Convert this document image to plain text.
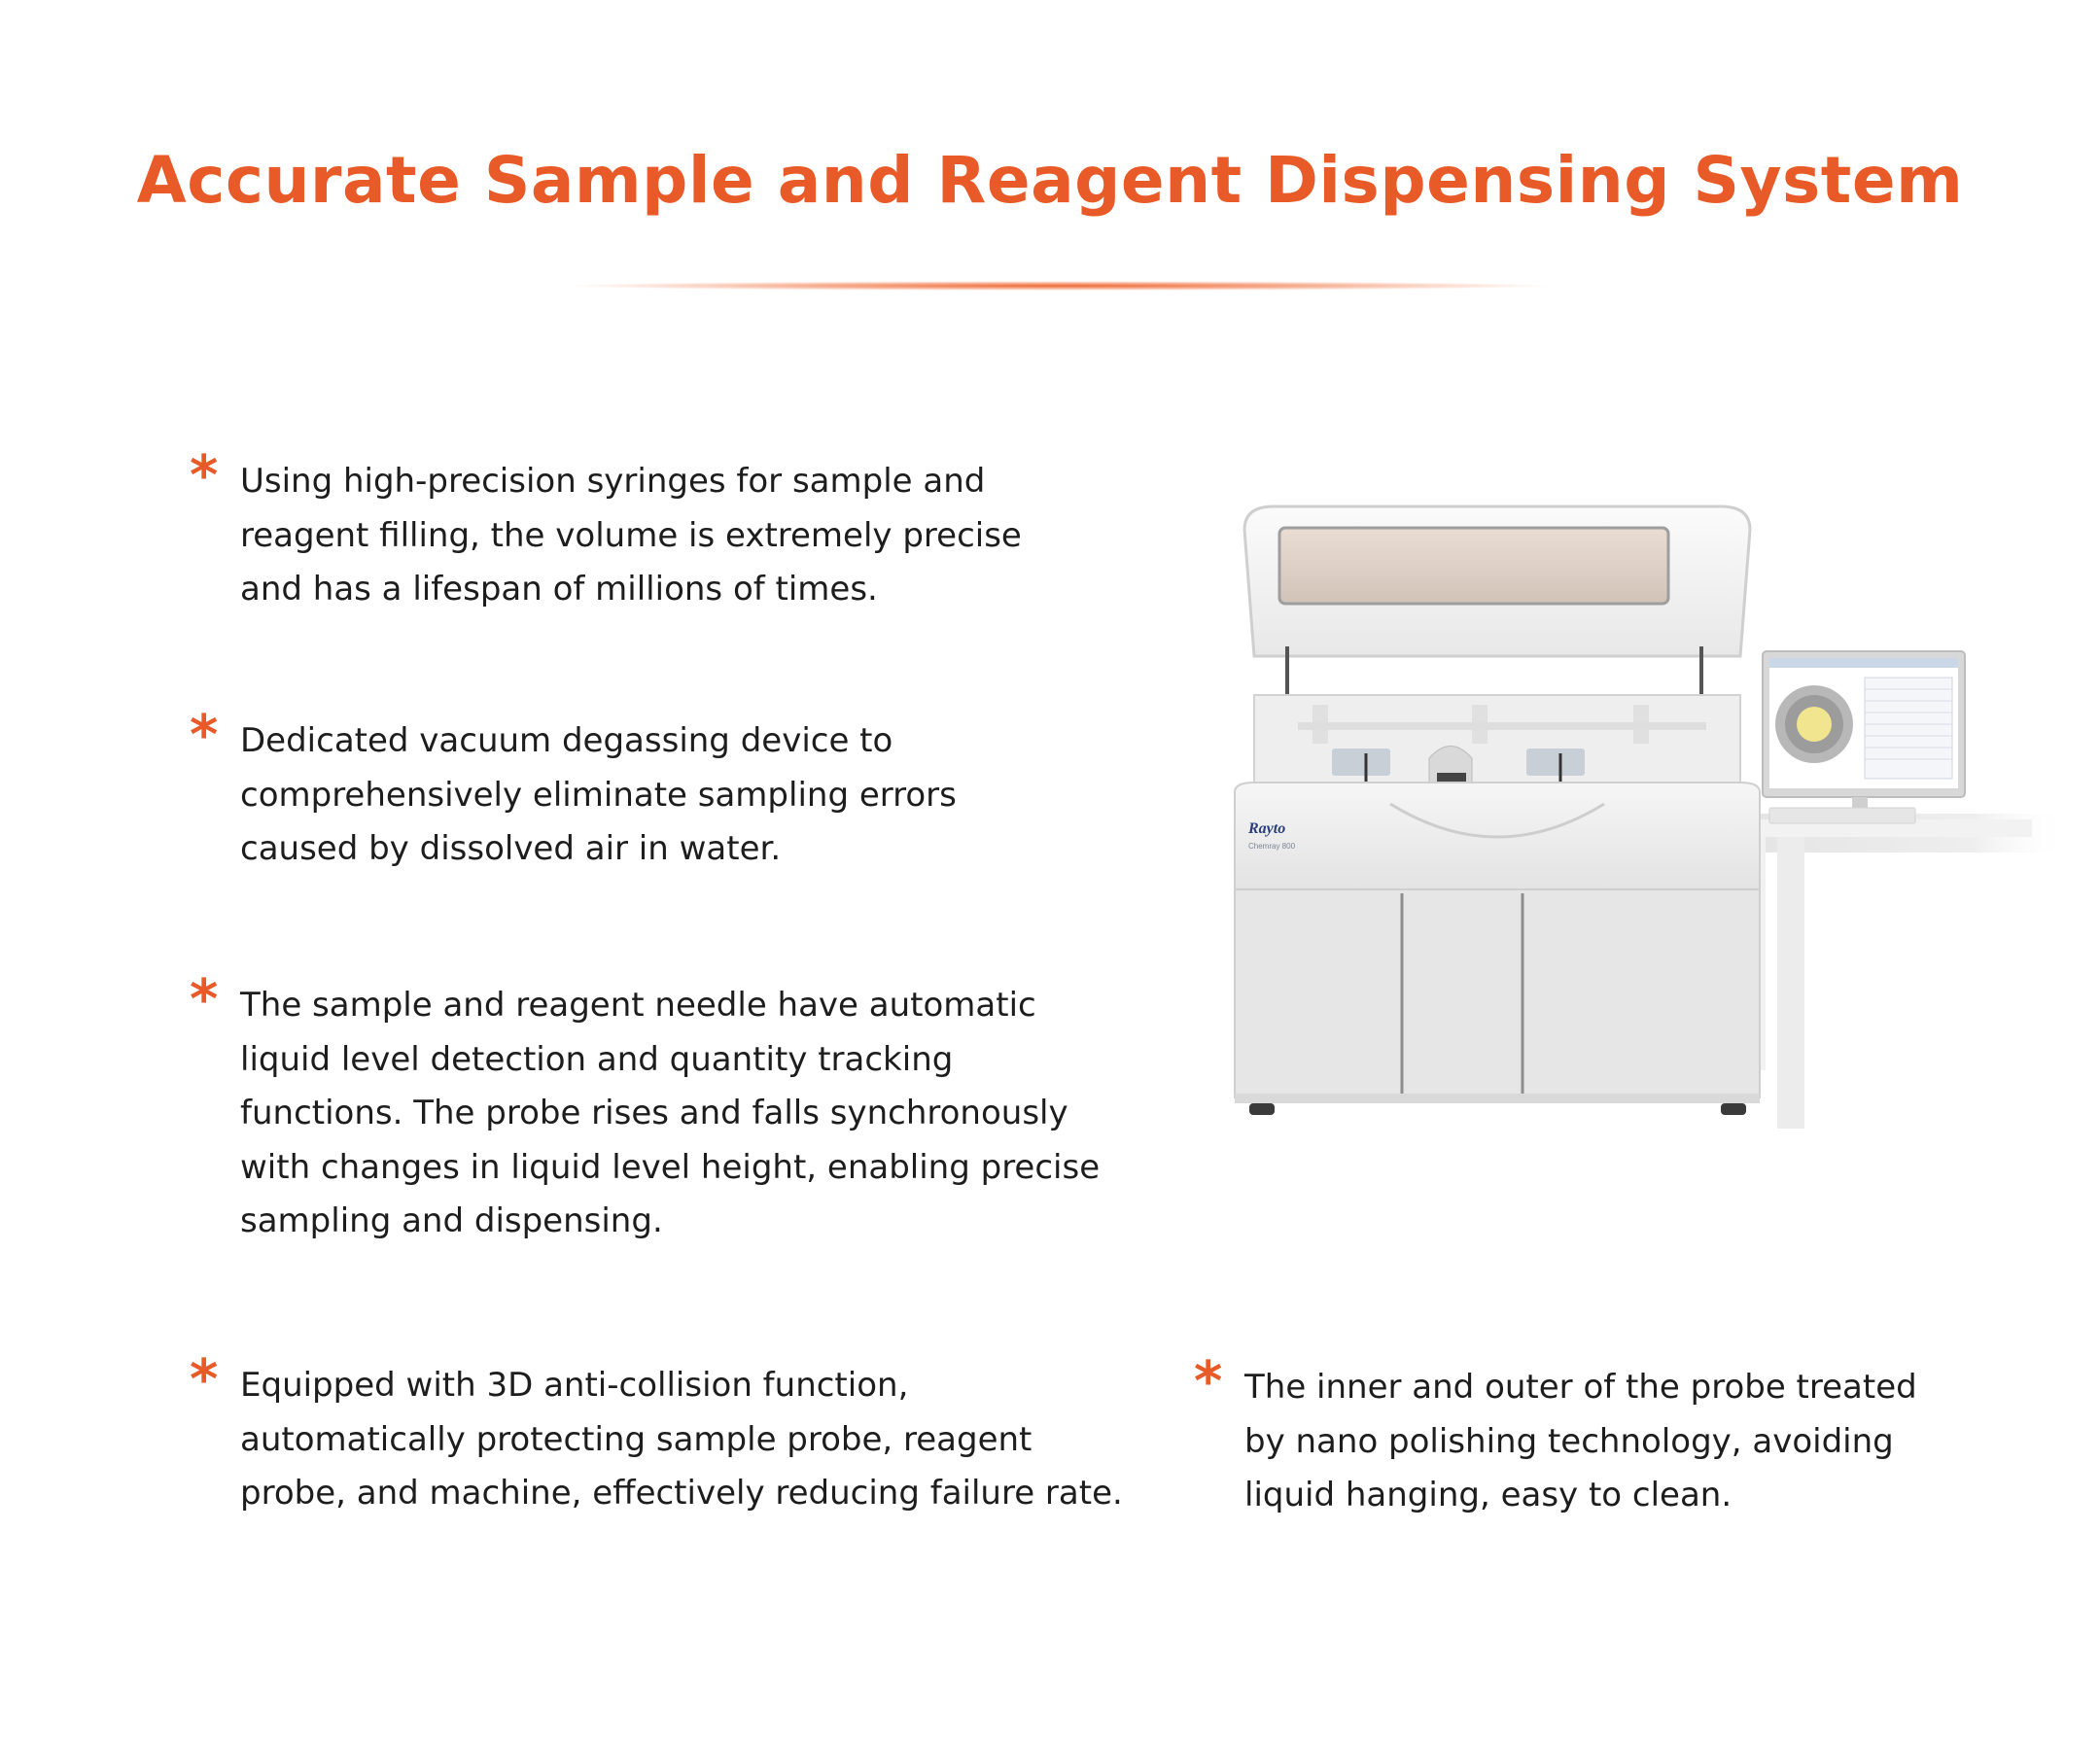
Accurate Sample and Reagent Dispensing System
* Using high-precision syringes for sample and
reagent filling, the volume is extremely precise
and has a lifespan of millions of times.

* Dedicated vacuum degassing device to
comprehensively eliminate sampling errors
caused by dissolved air in water.

* The sample and reagent needle have automatic
liquid level detection and quantity tracking
functions. The probe rises and falls synchronously
with changes in liquid level height, enabling precise
sampling and dispensing.

* Equipped with 3D anti-collision function,
automatically protecting sample probe, reagent
probe, and machine, effectively reducing failure rate.

* The inner and outer of the probe treated
by nano polishing technology, avoiding
liquid hanging, easy to clean.

Rayto
Chemray 800
